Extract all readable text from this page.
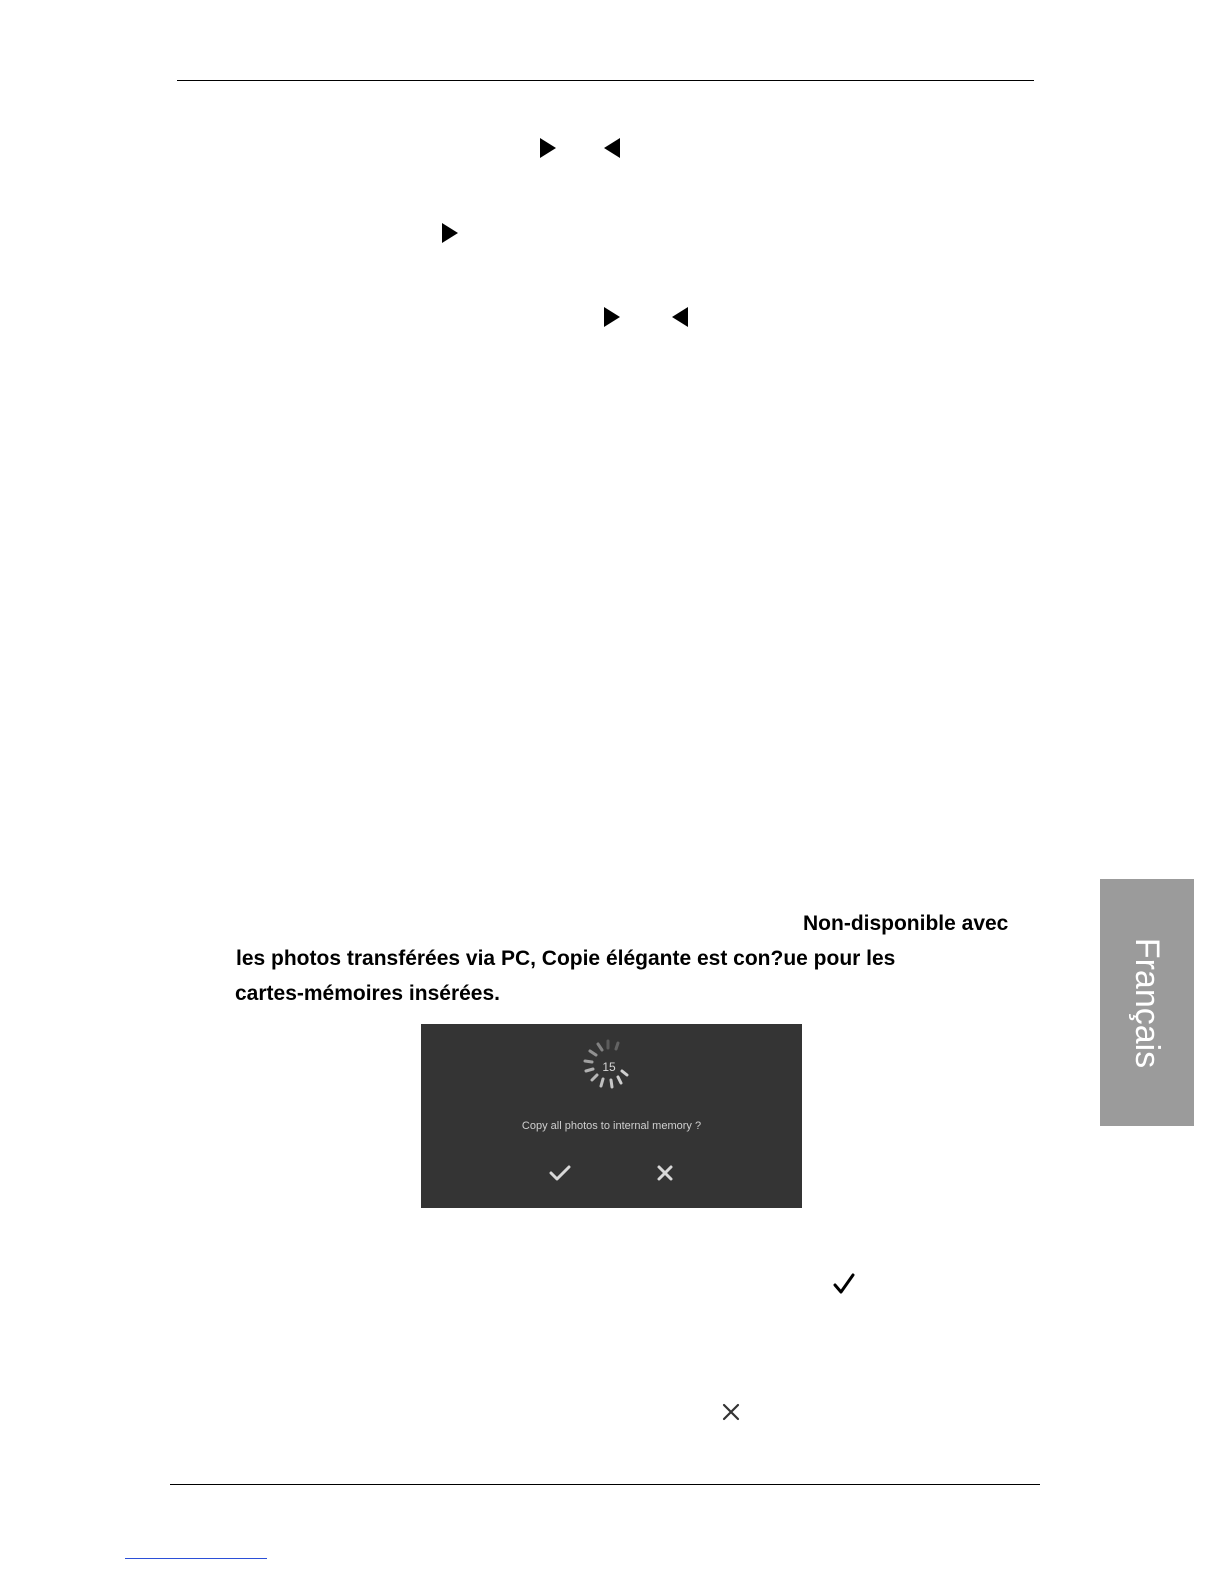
Non-disponible avec
les photos transférées via PC, Copie élégante est con?ue pour les
cartes-mémoires insérées.
15
Copy all photos to internal memory ?
Français
